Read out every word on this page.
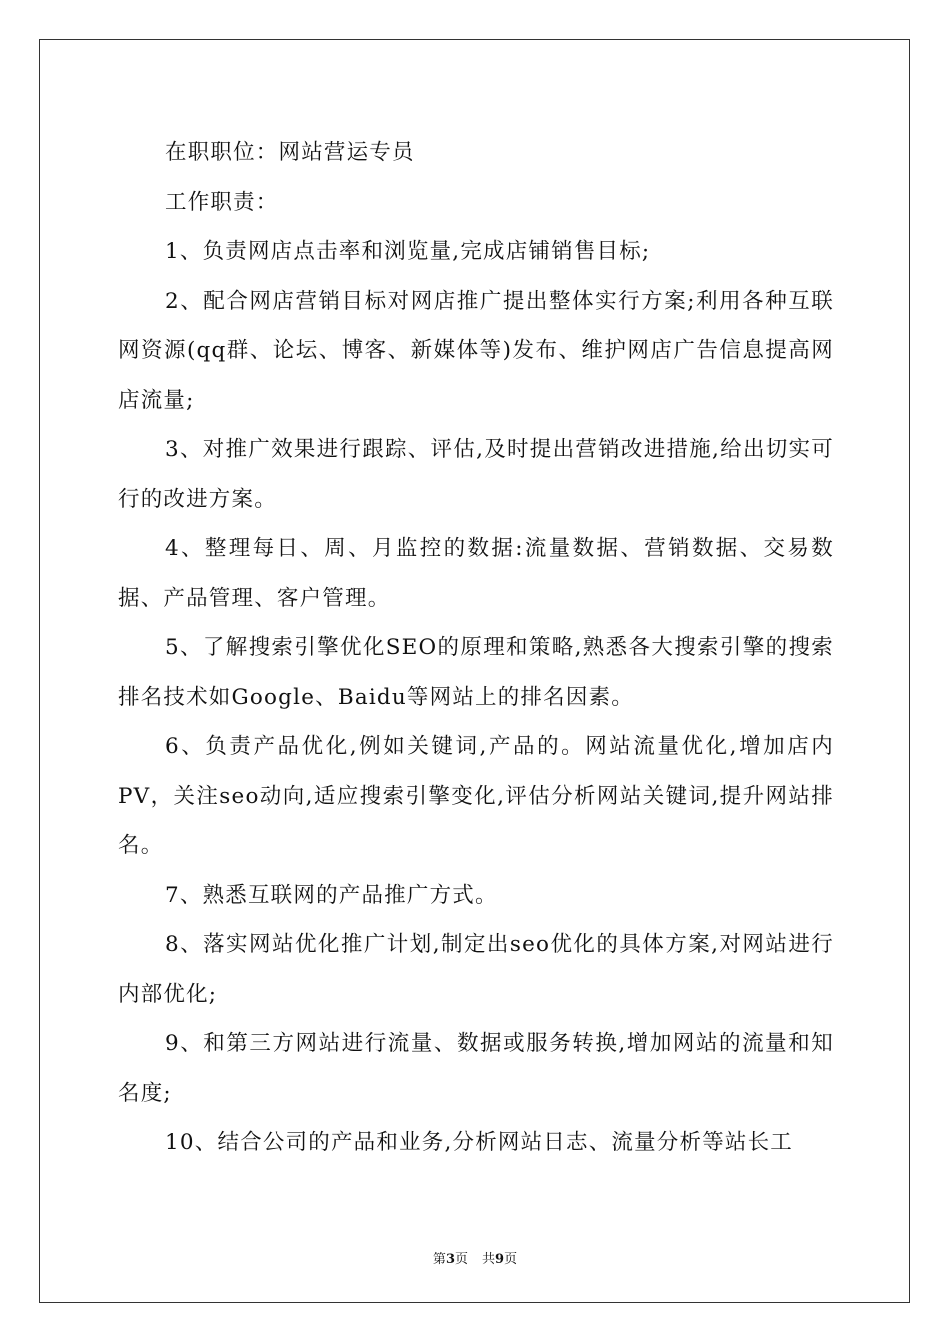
在职职位：网站营运专员

工作职责：

1、负责网店点击率和浏览量,完成店铺销售目标;

2、配合网店营销目标对网店推广提出整体实行方案;利用各种互联网资源(qq群、论坛、博客、新媒体等)发布、维护网店广告信息提高网店流量;

3、对推广效果进行跟踪、评估,及时提出营销改进措施,给出切实可行的改进方案。

4、整理每日、周、月监控的数据:流量数据、营销数据、交易数据、产品管理、客户管理。

5、了解搜索引擎优化SEO的原理和策略,熟悉各大搜索引擎的搜索排名技术如Google、Baidu等网站上的排名因素。

6、负责产品优化,例如关键词,产品的。网站流量优化,增加店内PV，关注seo动向,适应搜索引擎变化,评估分析网站关键词,提升网站排名。

7、熟悉互联网的产品推广方式。

8、落实网站优化推广计划,制定出seo优化的具体方案,对网站进行内部优化;

9、和第三方网站进行流量、数据或服务转换,增加网站的流量和知名度;

10、结合公司的产品和业务,分析网站日志、流量分析等站长工

第3页 共9页
